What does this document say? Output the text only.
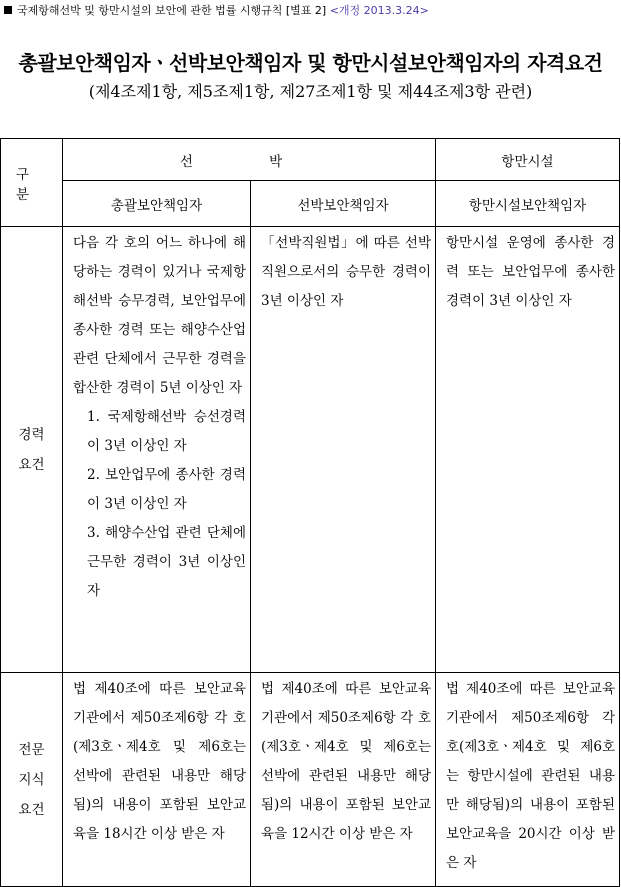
국제항해선박 및 항만시설의 보안에 관한 법률 시행규칙 [별표 2] <개정 2013.3.24>
총괄보안책임자ㆍ선박보안책임자 및 항만시설보안책임자의 자격요건
(제4조제1항, 제5조제1항, 제27조제1항 및 제44조제3항 관련)
구 분	선 박		항만시설
	총괄보안책임자	선박보안책임자	항만시설보안책임자

경력
요건	다음 각 호의 어느 하나에 해당하는 경력이 있거나 국제항해선박 승무경력, 보안업무에 종사한 경력 또는 해양수산업 관련 단체에서 근무한 경력을 합산한 경력이 5년 이상인 자
1. 국제항해선박 승선경력이 3년 이상인 자
2. 보안업무에 종사한 경력이 3년 이상인 자
3. 해양수산업 관련 단체에 근무한 경력이 3년 이상인 자	「선박직원법」에 따른 선박직원으로서의 승무한 경력이 3년 이상인 자	항만시설 운영에 종사한 경력 또는 보안업무에 종사한 경력이 3년 이상인 자

전문
지식
요건	법 제40조에 따른 보안교육기관에서 제50조제6항 각 호(제3호ㆍ제4호 및 제6호는 선박에 관련된 내용만 해당됨)의 내용이 포함된 보안교육을 18시간 이상 받은 자	법 제40조에 따른 보안교육기관에서 제50조제6항 각 호(제3호ㆍ제4호 및 제6호는 선박에 관련된 내용만 해당됨)의 내용이 포함된 보안교육을 12시간 이상 받은 자	법 제40조에 따른 보안교육기관에서 제50조제6항 각 호(제3호ㆍ제4호 및 제6호는 항만시설에 관련된 내용만 해당됨)의 내용이 포함된 보안교육을 20시간 이상 받은 자
